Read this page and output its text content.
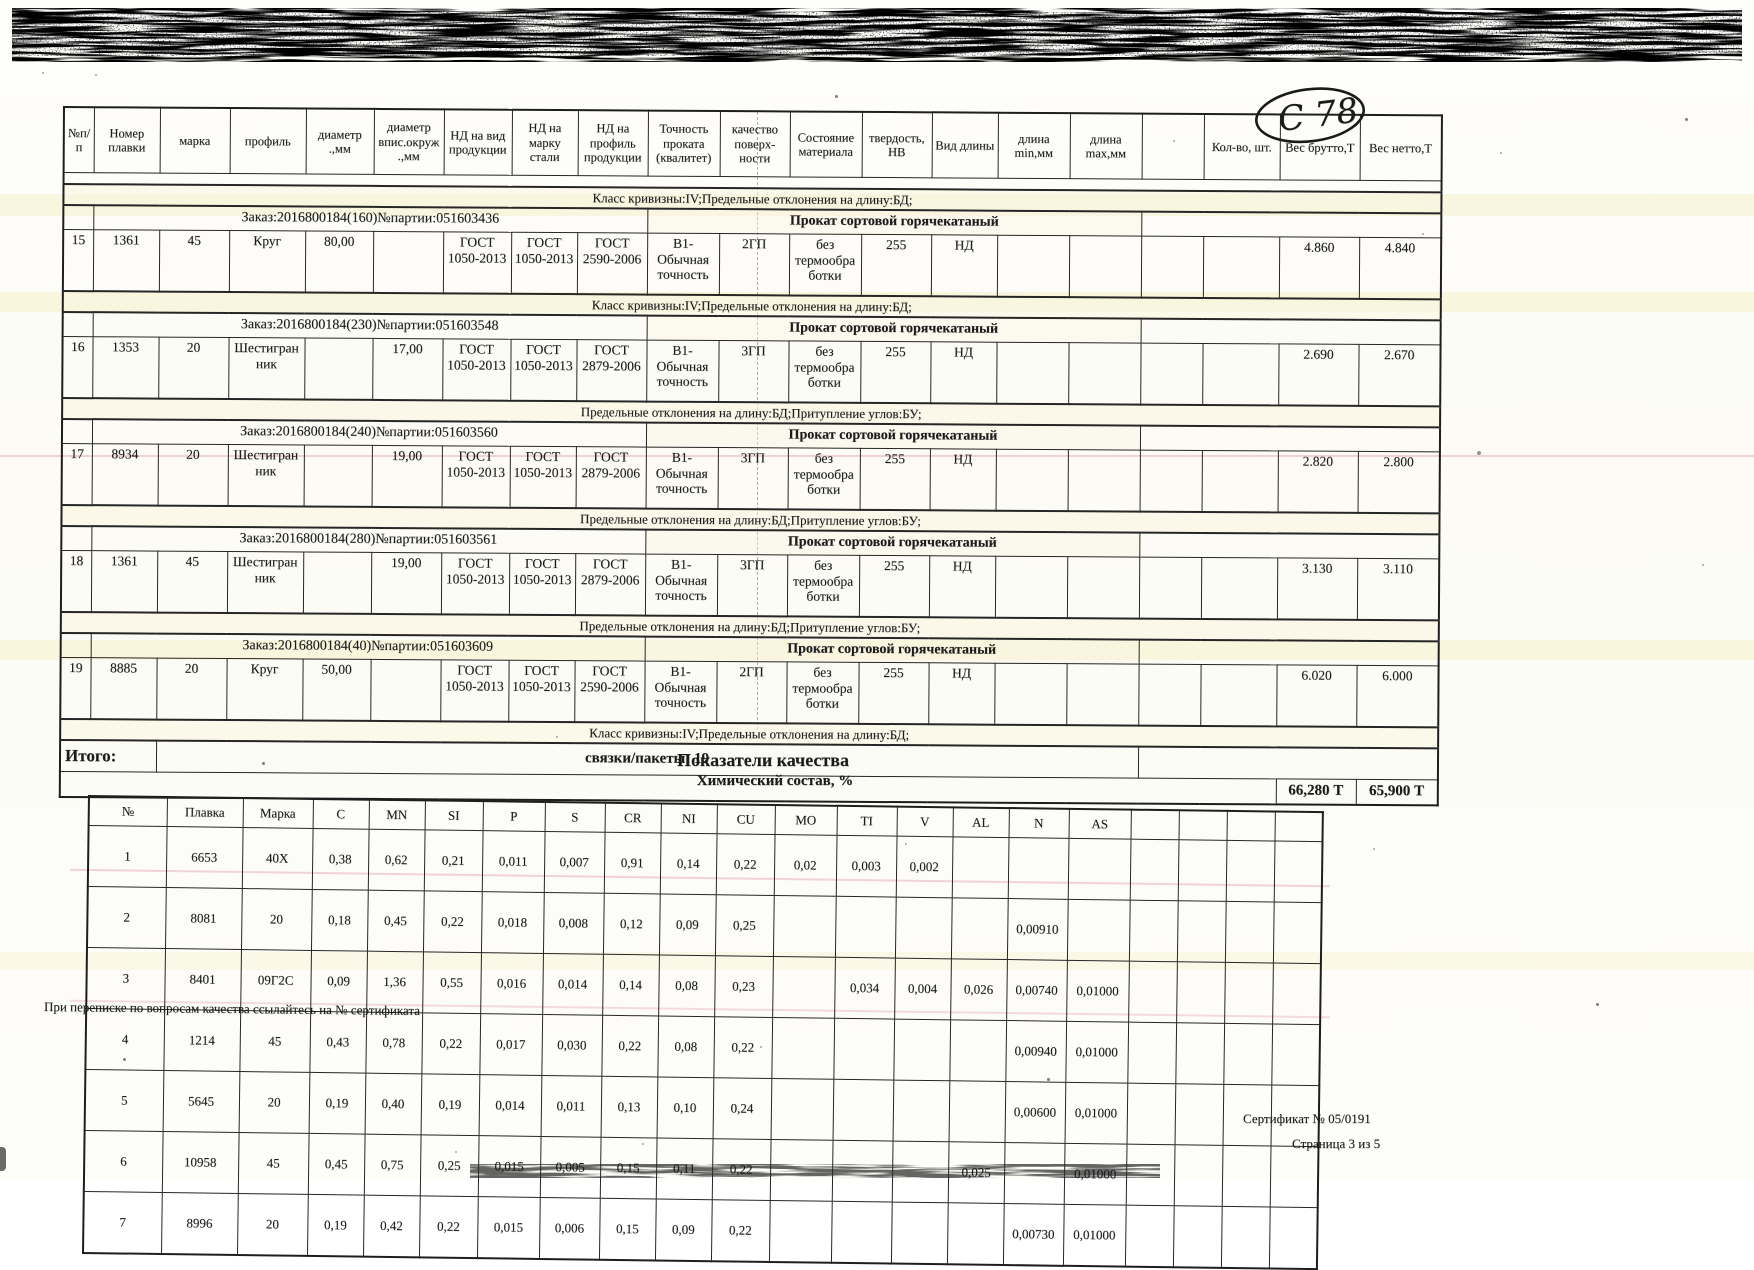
С 78
№п/п	Номер плавки	марка	профиль	диаметр .,мм	диаметр впис.окруж .,мм	НД на вид продукции	НД на марку стали	НД на профиль продукции	Точность проката (квалитет)	качество поверх- ности	Состояние материала	твердость, НВ	Вид длины	длина min,мм	длина max,мм		Кол-во, шт.	Вес брутто,Т	Вес нетто,Т

Класс кривизны:IV;Предельные отклонения на длину:БД;																			
	Заказ:2016800184(160)№партии:051603436								Прокат сортовой горячекатаный										
15	1361	45	Круг	80,00		ГОСТ 1050-2013	ГОСТ 1050-2013	ГОСТ 2590-2006	В1- Обычная точность	2ГП	без термообра ботки	255	НД					4.860	4.840
Класс кривизны:IV;Предельные отклонения на длину:БД;																			
	Заказ:2016800184(230)№партии:051603548								Прокат сортовой горячекатаный										
16	1353	20	Шестигран ник		17,00	ГОСТ 1050-2013	ГОСТ 1050-2013	ГОСТ 2879-2006	В1- Обычная точность	3ГП	без термообра ботки	255	НД					2.690	2.670
Предельные отклонения на длину:БД;Притупление углов:БУ;																			
	Заказ:2016800184(240)№партии:051603560								Прокат сортовой горячекатаный										
17	8934	20	Шестигран ник		19,00	ГОСТ 1050-2013	ГОСТ 1050-2013	ГОСТ 2879-2006	В1- Обычная точность	3ГП	без термообра ботки	255	НД					2.820	2.800
Предельные отклонения на длину:БД;Притупление углов:БУ;																			
	Заказ:2016800184(280)№партии:051603561								Прокат сортовой горячекатаный										
18	1361	45	Шестигран ник		19,00	ГОСТ 1050-2013	ГОСТ 1050-2013	ГОСТ 2879-2006	В1- Обычная точность	3ГП	без термообра ботки	255	НД					3.130	3.110
Предельные отклонения на длину:БД;Притупление углов:БУ;																			
	Заказ:2016800184(40)№партии:051603609								Прокат сортовой горячекатаный										
19	8885	20	Круг	50,00		ГОСТ 1050-2013	ГОСТ 1050-2013	ГОСТ 2590-2006	В1- Обычная точность	2ГП	без термообра ботки	255	НД					6.020	6.000
Класс кривизны:IV;Предельные отклонения на длину:БД;																			
Итого:		связки/пакеты: 19																	
																		66,280 Т	65,900 Т
Показатели качества
Химический состав, %
№	Плавка	Марка	C	MN	SI	P	S	CR	NI	CU	MO	TI	V	AL	N	AS				
1	6653	40X	0,38	0,62	0,21	0,011	0,007	0,91	0,14	0,22	0,02	0,003	0,002							
2	8081	20	0,18	0,45	0,22	0,018	0,008	0,12	0,09	0,25					0,00910					
3	8401	09Г2С	0,09	1,36	0,55	0,016	0,014	0,14	0,08	0,23		0,034	0,004	0,026	0,00740	0,01000				
4	1214	45	0,43	0,78	0,22	0,017	0,030	0,22	0,08	0,22					0,00940	0,01000				
5	5645	20	0,19	0,40	0,19	0,014	0,011	0,13	0,10	0,24					0,00600	0,01000				
6	10958	45	0,45	0,75	0,25	0,015	0,005	0,15	0,11	0,22				0,025		0,01000				
7	8996	20	0,19	0,42	0,22	0,015	0,006	0,15	0,09	0,22					0,00730	0,01000				
При переписке по вопросам качества ссылайтесь на № сертификата
Сертификат № 05/0191
Страница 3 из 5
